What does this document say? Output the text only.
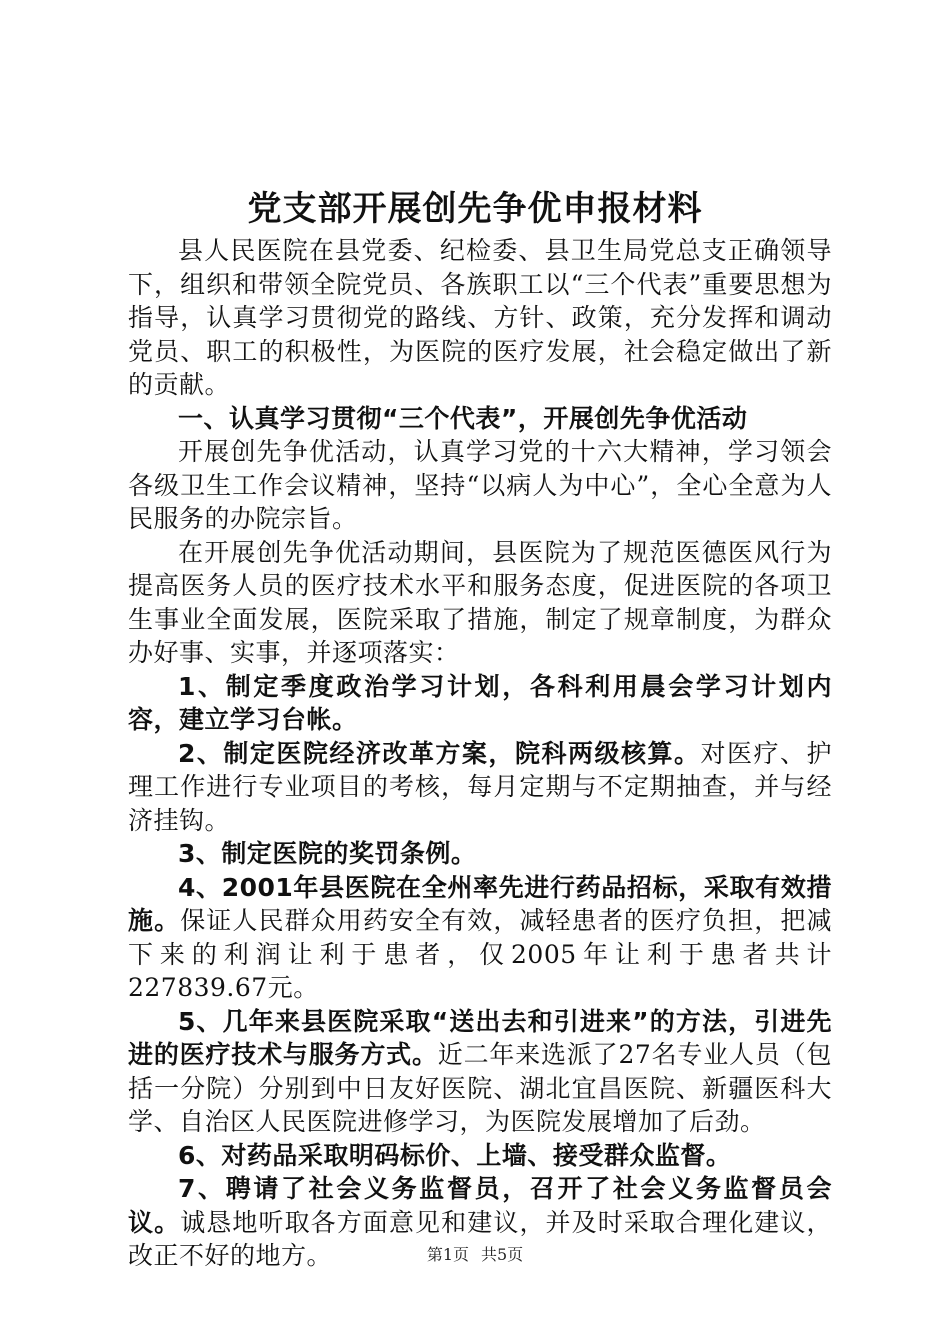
党支部开展创先争优申报材料

县人民医院在县党委、纪检委、县卫生局党总支正确领导下，组织和带领全院党员、各族职工以“三个代表”重要思想为指导，认真学习贯彻党的路线、方针、政策，充分发挥和调动党员、职工的积极性，为医院的医疗发展，社会稳定做出了新的贡献。

一、认真学习贯彻“三个代表”，开展创先争优活动

开展创先争优活动，认真学习党的十六大精神，学习领会各级卫生工作会议精神，坚持“以病人为中心”，全心全意为人民服务的办院宗旨。

在开展创先争优活动期间，县医院为了规范医德医风行为提高医务人员的医疗技术水平和服务态度，促进医院的各项卫生事业全面发展，医院采取了措施，制定了规章制度，为群众办好事、实事，并逐项落实：

1、制定季度政治学习计划，各科利用晨会学习计划内容，建立学习台帐。

2、制定医院经济改革方案，院科两级核算。对医疗、护理工作进行专业项目的考核，每月定期与不定期抽查，并与经济挂钩。

3、制定医院的奖罚条例。

4、2001年县医院在全州率先进行药品招标，采取有效措施。保证人民群众用药安全有效，减轻患者的医疗负担，把减下来的利润让利于患者，仅2005年让利于患者共计227839.67元。

5、几年来县医院采取“送出去和引进来”的方法，引进先进的医疗技术与服务方式。近二年来选派了27名专业人员（包括一分院）分别到中日友好医院、湖北宜昌医院、新疆医科大学、自治区人民医院进修学习，为医院发展增加了后劲。

6、对药品采取明码标价、上墙、接受群众监督。

7、聘请了社会义务监督员，召开了社会义务监督员会议。诚恳地听取各方面意见和建议，并及时采取合理化建议，改正不好的地方。	第1页 共5页
